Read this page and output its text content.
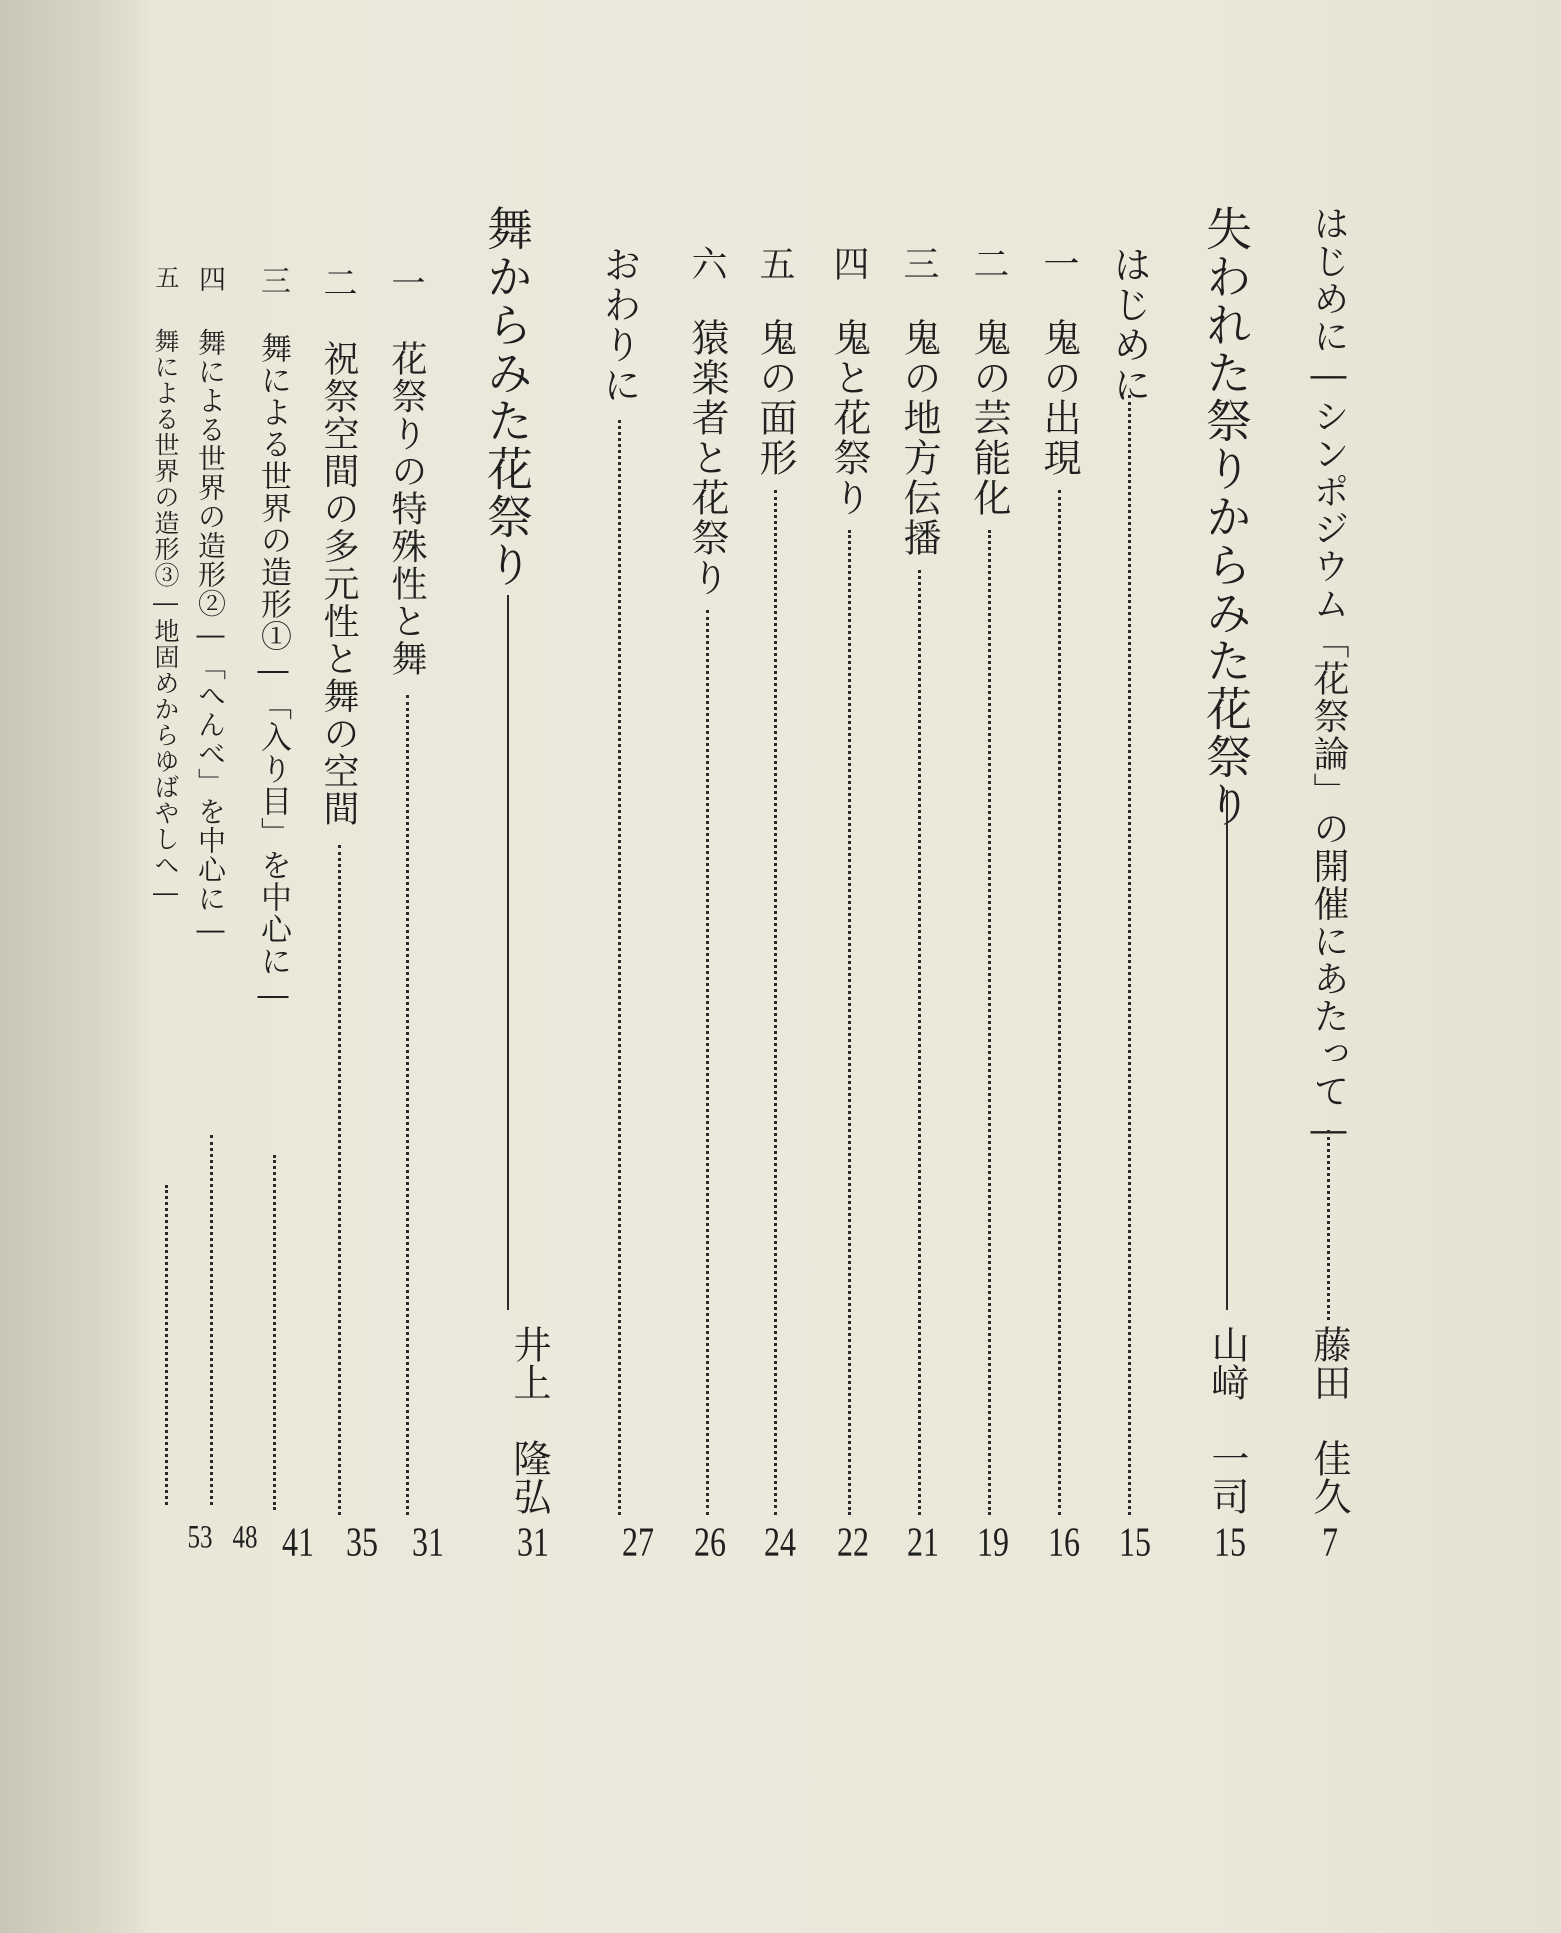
はじめに―シンポジウム「花祭論」の開催にあたって―
藤田　佳久
7
失われた祭りからみた花祭り
山﨑　一司
15
はじめに
15
一
鬼の出現
16
二
鬼の芸能化
19
三
鬼の地方伝播
21
四
鬼と花祭り
22
五
鬼の面形
24
六
猿楽者と花祭り
26
おわりに
27
舞からみた花祭り
井上　隆弘
31
一
花祭りの特殊性と舞
31
二
祝祭空間の多元性と舞の空間
35
三
舞による世界の造形①―「入り目」を中心に―
41
四
舞による世界の造形②―「へんべ」を中心に―
48
五
舞による世界の造形③―地固めからゆばやしへ―
53
